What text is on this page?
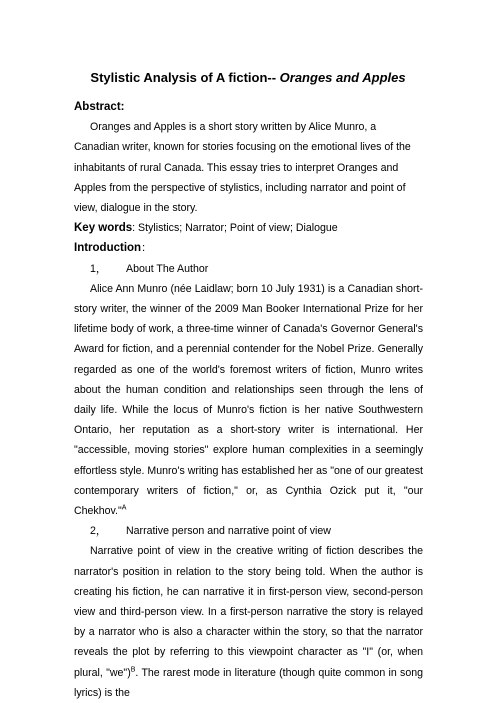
Stylistic Analysis of A fiction-- Oranges and Apples

Abstract:

Oranges and Apples is a short story written by Alice Munro, a Canadian writer, known for stories focusing on the emotional lives of the inhabitants of rural Canada. This essay tries to interpret Oranges and Apples from the perspective of stylistics, including narrator and point of view, dialogue in the story.

Key words: Stylistics; Narrator; Point of view; Dialogue

Introduction：

1， About The Author

Alice Ann Munro (née Laidlaw; born 10 July 1931) is a Canadian short-story writer, the winner of the 2009 Man Booker International Prize for her lifetime body of work, a three-time winner of Canada's Governor General's Award for fiction, and a perennial contender for the Nobel Prize. Generally regarded as one of the world's foremost writers of fiction, Munro writes about the human condition and relationships seen through the lens of daily life. While the locus of Munro's fiction is her native Southwestern Ontario, her reputation as a short-story writer is international. Her "accessible, moving stories" explore human complexities in a seemingly effortless style. Munro's writing has established her as "one of our greatest contemporary writers of fiction," or, as Cynthia Ozick put it, "our Chekhov."$^A$

2， Narrative person and narrative point of view

Narrative point of view in the creative writing of fiction describes the narrator's position in relation to the story being told. When the author is creating his fiction, he can narrative it in first-person view, second-person view and third-person view. In a first-person narrative the story is relayed by a narrator who is also a character within the story, so that the narrator reveals the plot by referring to this viewpoint character as "I" (or, when plural, "we")$^B$. The rarest mode in literature (though quite common in song lyrics) is the
